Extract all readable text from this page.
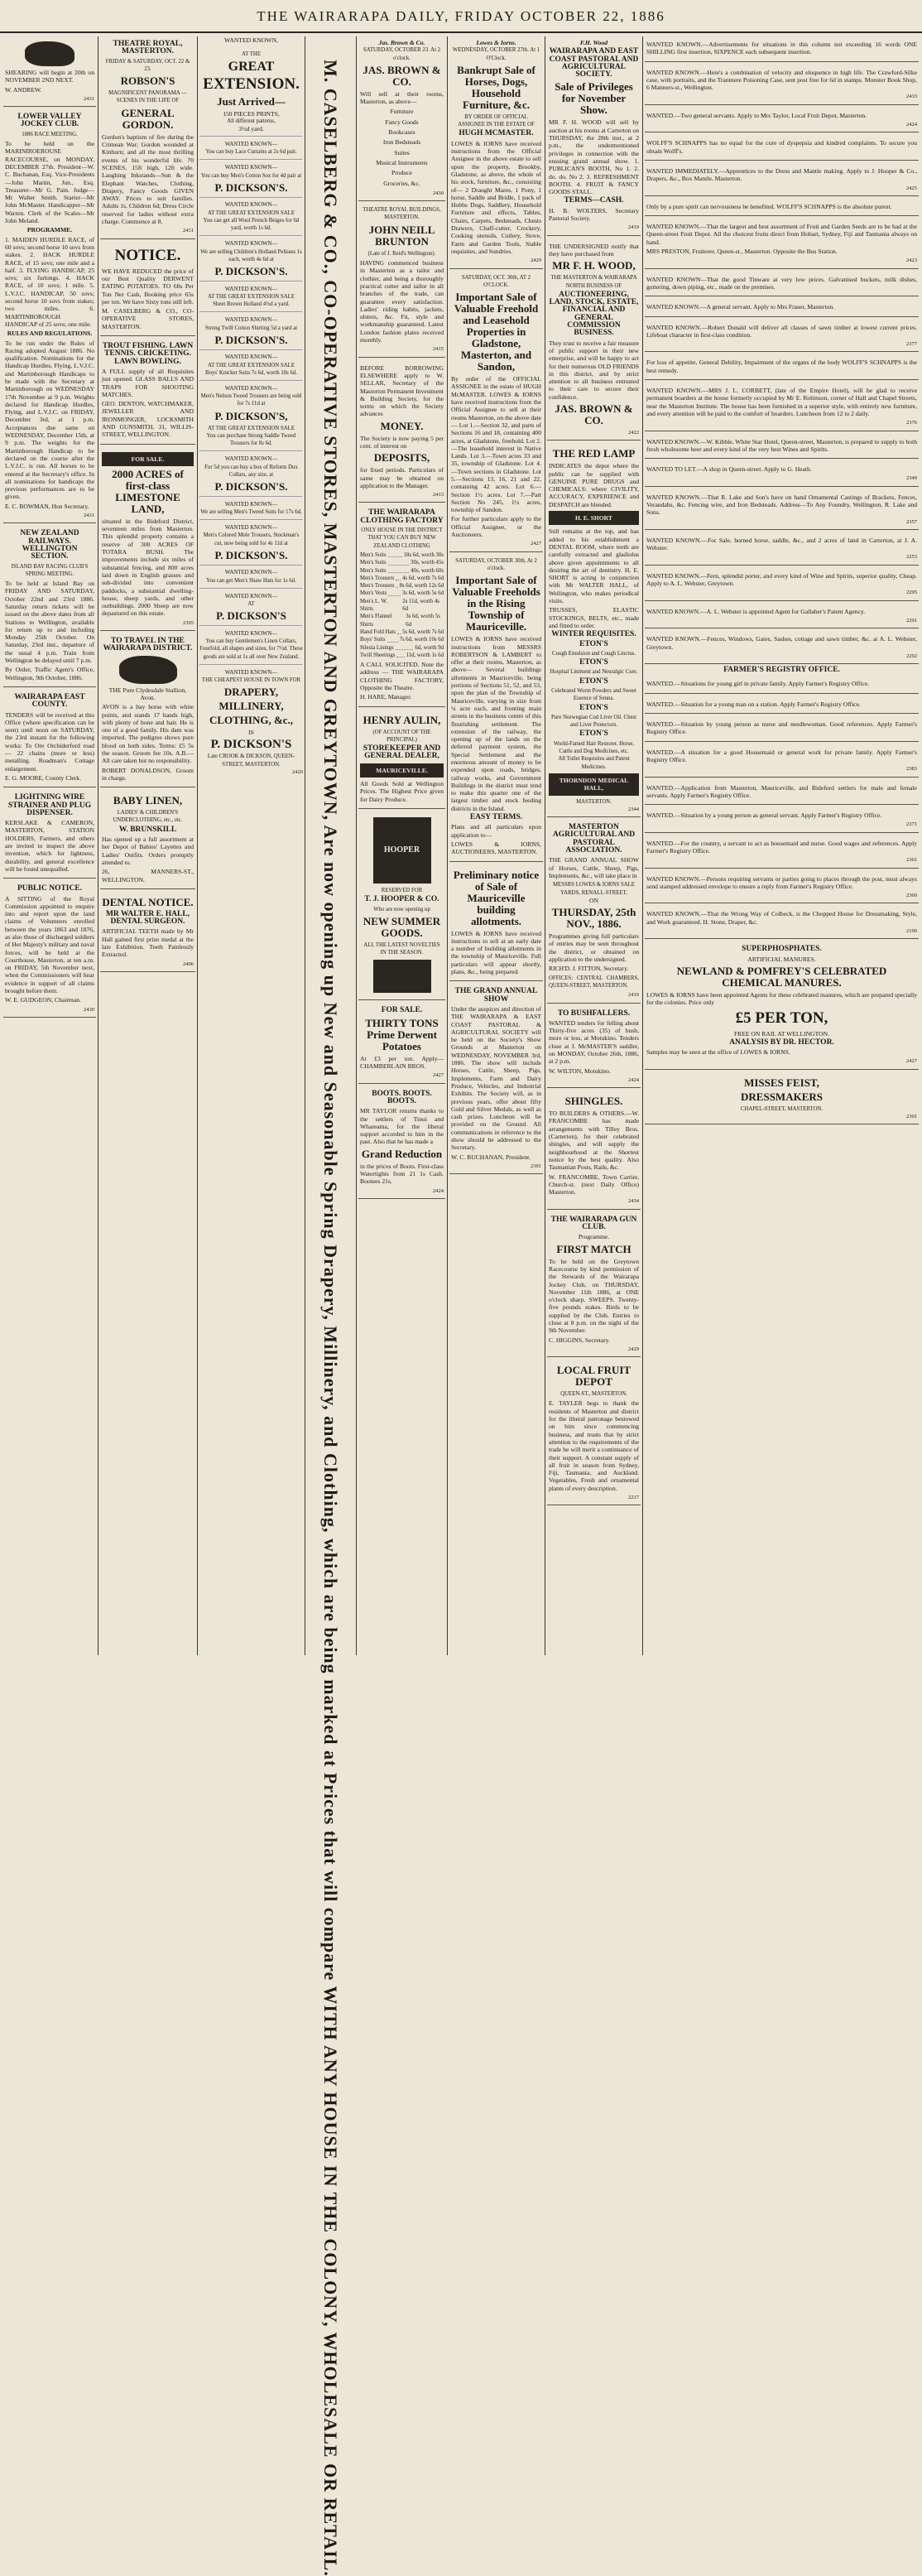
THE WAIRARAPA DAILY, FRIDAY OCTOBER 22, 1886

SHEARING will begin at 20th on NOVEMBER 2ND NEXT.

W. ANDREW.

2431
LOWER VALLEY JOCKEY CLUB.
1886 RACE MEETING.

To be held on the MARINIROEROUSE RACECOURSE, on MONDAY, DECEMBER 27th. President—W. C. Buchanan, Esq. Vice-Presidents—John Martin, Jun., Esq. Treasurer—Mr G. Pain. Judge—Mr Walter Smith. Starter—Mr John McMaster. Handicapper—Mr Warren. Clerk of the Scales—Mr John Meland.

PROGRAMME.

1. MAIDEN HURDLE RACE, of 60 sovs; second horse 10 sovs from stakes. 2. HACK HURDLE RACE, of 15 sovs; one mile and a half. 3. FLYING HANDICAP, 25 sovs; six furlongs. 4. HACK RACE, of 10 sovs; 1 mile. 5. L.V.J.C. HANDICAP, 50 sovs; second horse 10 sovs from stakes; two miles. 6. MARTINBOROUGH HANDICAP of 25 sovs; one mile.

RULES AND REGULATIONS.

To be run under the Rules of Racing adopted August 1886. No qualification. Nominations for the Handicap Hurdles, Flying, L.V.J.C. and Martinborough Handicaps to be made with the Secretary at Martinborough on WEDNESDAY 17th November at 9 p.m. Weights declared for Handicap Hurdles, Flying, and L.V.J.C. on FRIDAY, December 3rd, at 1 p.m. Acceptances due same on WEDNESDAY, December 15th, at 9 p.m. The weights for the Martinborough Handicap to be declared on the course after the L.V.J.C. is run. All horses to be entered at the Secretary's office. In all nominations for handicaps the previous performances are to be given.

E. C. BOWMAN, Hon Secretary.

2431
NEW ZEALAND RAILWAYS. WELLINGTON SECTION.
ISLAND BAY RACING CLUB'S SPRING MEETING.

To be held at Island Bay on FRIDAY AND SATURDAY, October 22nd and 23rd 1886. Saturday return tickets will be issued on the above dates from all Stations to Wellington, available for return up to and including Monday 25th October. On Saturday, 23rd inst., departure of the usual 4 p.m. Train from Wellington be delayed until 7 p.m.

By Order, Traffic Agent's Office, Wellington, 9th October, 1886.

WAIRARAPA EAST COUNTY.

TENDERS will be received at this Office (where specification can be seen) until noon on SATURDAY, the 23rd instant for the following works: To Ore Orchiderford road — 22 chains (more or less) metalling. Roadman's Cottage enlargement.

E. G. MOORE, County Clerk.

LIGHTNING WIRE STRAINER AND PLUG DISPENSER.

KERSLAKE & CAMERON, MASTERTON, STATION HOLDERS, Farmers, and others are invited to inspect the above invention, which for lightness, durability, and general excellence will be found unequalled.

PUBLIC NOTICE.

A SITTING of the Royal Commission appointed to enquire into and report upon the land claims of Volunteers enrolled between the years 1863 and 1876, as also those of discharged soldiers of Her Majesty's military and naval forces, will be held at the Courthouse, Masterton, at ten a.m. on FRIDAY, 5th November next, when the Commissioners will hear evidence in support of all claims brought before them.

W. E. GUDGEON, Chairman.

2430
THEATRE ROYAL, MASTERTON.
FRIDAY & SATURDAY, OCT. 22 & 23.
ROBSON'S
MAGNIFICENT PANORAMA — SCENES IN THE LIFE OF
GENERAL GORDON.

Gordon's baptism of fire during the Crimean War; Gordon wounded at Kinburn; and all the most thrilling events of his wonderful life. 70 SCENES, 15ft high, 12ft wide. Laughing Inkstands—Sun & the Elephant Watches, Clothing, Drapery, Fancy Goods GIVEN AWAY. Prices to suit families. Adults 1s, Children 6d; Dress Circle reserved for ladies without extra charge. Commence at 8.

2431
NOTICE.

WE HAVE REDUCED the price of our Best Quality DERWENT EATING POTATOES. TO 60s Per Ton Net Cash, Booking price 65s per ton. We have Sixty tons still left.

M. CASELBERG & CO., CO-OPERATIVE STORES, MASTERTON.

TROUT FISHING. LAWN TENNIS. CRICKETING. LAWN BOWLING.

A FULL supply of all Requisites just opened. GLASS BALLS AND TRAPS FOR SHOOTING MATCHES.

GEO. DENTON, WATCHMAKER, JEWELLER AND IRONMONGER, LOCKSMITH AND GUNSMITH, 31, WILLIS-STREET, WELLINGTON.

FOR SALE.
2000 ACRES of first-class LIMESTONE LAND,

situated in the Bideford District, seventeen miles from Masterton. This splendid property contains a reserve of 300 ACRES OF TOTARA BUSH. The improvements include six miles of substantial fencing, and 800 acres laid down in English grasses and sub-divided into convenient paddocks, a substantial dwelling-house, sheep yards, and other outbuildings. 2000 Sheep are now depastured on this estate.

2395
TO TRAVEL IN THE WAIRARAPA DISTRICT.
THE Pure Clydesdale Stallion, Avon.

AVON is a bay horse with white points, and stands 17 hands high, with plenty of bone and hair. He is one of a good family. His dam was imported. The pedigree shows pure blood on both sides. Terms: £5 5s the season. Groom fee 10s. A.B.—All care taken but no responsibility.

ROBERT DONALDSON, Groom in charge.

BABY LINEN,
LADIES' & CHILDREN'S UNDERCLOTHING, etc., etc.
W. BRUNSKILL

Has opened up a full assortment at her Depot of Babies' Layettes and Ladies' Outfits. Orders promptly attended to.

26, MANNERS-ST., WELLINGTON.

DENTAL NOTICE.
MR WALTER E. HALL, DENTAL SURGEON.

ARTIFICIAL TEETH made by Mr Hall gained first prize medal at the late Exhibition. Teeth Painlessly Extracted.

2406
WANTED KNOWN,
AT THE
GREAT
EXTENSION.
Just Arrived—
150 PIECES PRINTS,
All different patterns,
3½d yard.
WANTED KNOWN—
You can buy Lace Curtains at 2s 6d pair.
WANTED KNOWN—
You can buy Men's Cotton Sox for 4d pair at
P. DICKSON'S.
WANTED KNOWN—
AT THE GREAT EXTENSION SALE
You can get all Wool French Beiges for 6d yard, worth 1s 6d.
WANTED KNOWN—
We are selling Children's Holland Pelisses 1s each, worth 4s 6d at
P. DICKSON'S.
WANTED KNOWN—
AT THE GREAT EXTENSION SALE
Sheet Brown Holland 4½d a yard.
WANTED KNOWN—
Strong Twill Cotton Shirting 5d a yard at
P. DICKSON'S.
WANTED KNOWN—
AT THE GREAT EXTENSION SALE
Boys' Knicker Suits 7s 6d, worth 10s 6d.
WANTED KNOWN—
Men's Nelson Tweed Trousers are being sold for 7s 11d at
P. DICKSON'S,
AT THE GREAT EXTENSION SALE
You can purchase Strong Saddle Tweed Trousers for 8s 6d.
WANTED KNOWN—
For 5d you can buy a box of Reform Dux Collars, any size, at
P. DICKSON'S.
WANTED KNOWN—
We are selling Men's Tweed Suits for 17s 6d.
WANTED KNOWN—
Men's Colored Mole Trousers, Stockman's cut, now being sold for 4s 11d at
P. DICKSON'S.
WANTED KNOWN—
You can get Men's Shaw Hats for 1s 6d.
WANTED KNOWN—
AT
P. DICKSON'S
WANTED KNOWN—
You can buy Gentlemen's Linen Collars, Fourfold, all shapes and sizes, for 7½d. These goods are sold at 1s all over New Zealand.
WANTED KNOWN—
THE CHEAPEST HOUSE IN TOWN FOR
DRAPERY,
MILLINERY,
CLOTHING, &c.,
IS
P. DICKSON'S
Late CROOK & DICKSON, QUEEN-STREET, MASTERTON.
2420 M. CASELBERG & CO., CO-OPERATIVE STORES, MASTERTON AND GREYTOWN, Are now opening up New and Seasonable Spring Drapery, Millinery, and Clothing, which are being marked at Prices that will compare WITH ANY HOUSE IN THE COLONY, WHOLESALE OR RETAIL.
Jas. Brown & Co.
SATURDAY, OCTOBER 23. At 2 o'clock.
JAS. BROWN & CO.

Will sell at their rooms, Masterton, as above—

Furniture
Fancy Goods
Bookcases
Iron Bedsteads
Suites
Musical Instruments
Produce
Groceries, &c.
2430
THEATRE ROYAL BUILDINGS, MASTERTON.
JOHN NEILL BRUNTON
(Late of J. Reid's Wellington).

HAVING commenced business in Masterton as a tailor and clothier, and being a thoroughly practical cutter and tailor in all branches of the trade, can guarantee every satisfaction. Ladies' riding habits, jackets, ulsters, &c. Fit, style and workmanship guaranteed. Latest London fashion plates received monthly.

2415

BEFORE BORROWING ELSEWHERE apply to W. SELLAR, Secretary of the Masterton Permanent Investment & Building Society, for the terms on which the Society advances

MONEY.

The Society is now paying 5 per cent. of interest on

DEPOSITS,

for fixed periods. Particulars of same may be obtained on application to the Manager.

2413
THE WAIRARAPA CLOTHING FACTORY
ONLY HOUSE IN THE DISTRICT THAT YOU CAN BUY NEW ZEALAND CLOTHING
Men's Suits	18s 6d, worth 30s
Men's Suits	30s, worth 45s
Men's Suits	40s, worth 60s
Men's Trousers 4s 6d, worth 7s 6d
Men's Trousers 8s 6d, worth 12s 6d
Men's Vests	3s 6d, worth 5s 6d
Men's L. W. Shirts
2s 11d, worth 4s 6d
Men's Flannel Shirts
3s 6d, worth 5s 6d
Hand Fold Hats 5s 6d, worth 7s 6d
Boys' Suits	7s 6d, worth 10s 6d
Silesia Linings	6d, worth 9d
Twill Sheetings 11d, worth 1s 6d

A CALL SOLICITED. Note the address — THE WAIRARAPA CLOTHING FACTORY, Opposite the Theatre.

H. HARE, Manager.

HENRY AULIN,
(OF ACCOUNT OF THE PRINCIPAL)
STOREKEEPER AND GENERAL DEALER,
MAURICEVILLE.

All Goods Sold at Wellington Prices. The Highest Price given for Dairy Produce.

HOOPER
RESERVED FOR
T. J. HOOPER & CO.
Who are now opening up
NEW SUMMER GOODS.
ALL THE LATEST NOVELTIES IN THE SEASON.
FOR SALE.
THIRTY TONS Prime Derwent Potatoes

At £3 per ton. Apply— CHAMBERLAIN BROS.

2427
BOOTS. BOOTS. BOOTS.

MR TAYLOR returns thanks to the settlers of Tinui and Whareama, for the liberal support accorded to him in the past. Also that he has made a

Grand Reduction

in the prices of Boots. First-class Watertights from 21 1s Cash. Bootees 21s.

2424
Lowes & Iorns.
WEDNESDAY, OCTOBER 27th. At 1 O'Clock.
Bankrupt Sale of Horses, Dogs, Household Furniture, &c.
BY ORDER OF OFFICIAL ASSIGNEE IN THE ESTATE OF
HUGH MCMASTER.

LOWES & IORNS have received instructions from the Official Assignee in the above estate to sell upon the property, Brookby, Gladstone, as above, the whole of his stock, furniture, &c., consisting of— 2 Draught Mares, 1 Pony, 1 horse, Saddle and Bridle, 1 pack of Hobbs Dogs, Saddlery, Household Furniture and effects, Tables, Chairs, Carpets, Bedsteads, Chests Drawers, Chaff-cutter, Crockery, Cooking utensils, Cutlery, Stove, Farm and Garden Tools, Stable requisites, and Sundries.

2429
SATURDAY, OCT. 30th, AT 2 O'CLOCK.
Important Sale of Valuable Freehold and Leasehold Properties in Gladstone, Masterton, and Sandon,

By order of the OFFICIAL ASSIGNEE in the estate of HUGH McMASTER. LOWES & IORNS have received instructions from the Official Assignee to sell at their rooms Masterton, on the above date — Lot 1.—Section 32, and parts of Sections 16 and 18, containing 400 acres, at Gladstone, freehold. Lot 2.—The leasehold interest in Native Lands. Lot 3.—Town acres 33 and 35, township of Gladstone. Lot 4.—Town sections in Gladstone. Lot 5.—Sections 13, 16, 21 and 22, containing 42 acres. Lot 6.—Section 1½ acres. Lot 7.—Part Section No 245, 1½ acres, township of Sandon.

For further particulars apply to the Official Assignee, or the Auctioneers.

2427
SATURDAY, OCTOBER 30th, At 2 o'clock.
Important Sale of Valuable Freeholds in the Rising Township of Mauriceville.

LOWES & IORNS have received instructions from MESSRS ROBERTSON & LAMBERT to offer at their rooms, Masterton, as above— Several buildings allotments in Mauriceville, being portions of Sections 51, 52, and 53, upon the plan of the Township of Mauriceville, varying in size from ¼ acre each, and fronting main streets in the business centre of this flourishing settlement. The extension of the railway, the opening up of the lands on the deferred payment system, the Special Settlement and the enormous amount of money to be expended upon roads, bridges, railway works, and Government Buildings in the district must tend to make this quarter one of the largest timber and stock feeding districts in the Island.

EASY TERMS.

Plans and all particulars upon application to—

LOWES & IORNS, AUCTIONEERS, MASTERTON.

Preliminary notice of Sale of Mauriceville building allotments.

LOWES & IORNS have received instructions to sell at an early date a number of building allotments in the township of Mauriceville. Full particulars will appear shortly, plans, &c., being prepared.

THE GRAND ANNUAL SHOW

Under the auspices and direction of THE WAIRARAPA & EAST COAST PASTORAL & AGRICULTURAL SOCIETY will be held on the Society's Show Grounds at Masterton on WEDNESDAY, NOVEMBER 3rd, 1886. The show will include Horses, Cattle, Sheep, Pigs, Implements, Farm and Dairy Produce, Vehicles, and Industrial Exhibits. The Society will, as in previous years, offer about fifty Gold and Silver Medals, as well as cash prizes. Luncheon will be provided on the Ground. All communications in reference to the show should be addressed to the Secretary.

W. C. BUCHANAN, President.

2391
F.H. Wood
WAIRARAPA AND EAST COAST PASTORAL AND AGRICULTURAL SOCIETY.
Sale of Privileges for November Show.

MR F. H. WOOD will sell by auction at his rooms at Carterton on THURSDAY, the 28th inst., at 2 p.m., the undermentioned privileges in connection with the ensuing grand annual show. 1. PUBLICAN'S BOOTH, No 1. 2. do. do. No 2. 3. REFRESHMENT BOOTH. 4. FRUIT & FANCY GOODS STALL.

TERMS—CASH.

H. B. WOLTERS, Secretary Pastoral Society.

2419

THE UNDERSIGNED notify that they have purchased from

MR F. H. WOOD,
THE MASTERTON & WAIRARAPA NORTH BUSINESS OF
AUCTIONEERING, LAND, STOCK, ESTATE, FINANCIAL AND GENERAL COMMISSION BUSINESS.

They trust to receive a fair measure of public support in their new enterprise, and will be happy to act for their numerous OLD FRIENDS in this district, and by strict attention to all business entrusted to their care to secure their confidence.

JAS. BROWN & CO.
2422
THE RED LAMP

INDICATES the depot where the public can be supplied with GENUINE PURE DRUGS and CHEMICALS: where CIVILITY, ACCURACY, EXPERIENCE and DESPATCH are blended.

H. E. SHORT

Still remains at the top, and has added to his establishment a DENTAL ROOM, where teeth are carefully extracted and gladiolus above given appointments to all desiring the art of dentistry. H. E. SHORT is acting in conjunction with Mr WALTER HALL, of Wellington, who makes periodical visits.

TRUSSES, ELASTIC STOCKINGS, BELTS, etc., made and fitted to order.

WINTER REQUISITES.
ETON'S
Cough Emulsion and Cough Linctus.
ETON'S
Hospital Liniment and Neuralgic Cure.
ETON'S
Celebrated Worm Powders and Sweet Essence of Senna.
ETON'S
Pure Norwegian Cod Liver Oil. Chest and Liver Protectors.
ETON'S
World-Famed Hair Restorer. Horse, Cattle and Dog Medicines, etc.
All Toilet Requisites and Patent Medicines.
THORNDON MEDICAL HALL,
MASTERTON.
2344
MASTERTON AGRICULTURAL AND PASTORAL ASSOCIATION.

THE GRAND ANNUAL SHOW of Horses, Cattle, Sheep, Pigs, Implements, &c., will take place in

MESSRS LOWES & IORNS SALE YARDS, RENALL-STREET,
ON
THURSDAY, 25th NOV., 1886.

Programmes giving full particulars of entries may be seen throughout the district, or obtained on application to the undersigned.

RICH'D. J. FITTON, Secretary.

OFFICES: CENTRAL CHAMBERS, QUEEN-STREET, MASTERTON.

2410
TO BUSHFALLERS.

WANTED tenders for felling about Thirty-five acres (35) of bush, more or less, at Motukino. Tenders close at J. McMASTER'S saddler, on MONDAY, October 26th, 1886, at 2 p.m.

W. WILTON, Motukino.

2424
SHINGLES.

TO BUILDERS & OTHERS.—W. FRANCOMBE has made arrangements with Tilley Bros. (Carterton), for their celebrated shingles, and will supply the neighbourhood at the Shortest notice by the best quality. Also Tasmanian Posts, Rails, &c.

W. FRANCOMBE, Town Carrier, Church-st. (next Daily Office) Masterton.

2434
THE WAIRARAPA GUN CLUB.
Programme.
FIRST MATCH

To be held on the Greytown Racecourse by kind permission of the Stewards of the Wairarapa Jockey Club, on THURSDAY, November 11th 1886, at ONE o'clock sharp. SWEEPS. Twenty-five pounds stakes. Birds to be supplied by the Club. Entries to close at 8 p.m. on the night of the 9th November.

C. HIGGINS, Secretary.

2429
LOCAL FRUIT DEPOT
QUEEN-ST., MASTERTON.

E. TAYLER begs to thank the residents of Masterton and district for the liberal patronage bestowed on him since commencing business, and trusts that by strict attention to the requirements of the trade he will merit a continuance of their support. A constant supply of all fruit in season from Sydney, Fiji, Tasmania, and Auckland. Vegetables, Fresh and ornamental plants of every description.

2217

WANTED KNOWN.—Advertisements for situations in this column not exceeding 16 words ONE SHILLING first insertion, SIXPENCE each subsequent insertion.

WANTED KNOWN.—Here's a combination of velocity and eloquence in high life. The Crawford-Silke case, with portraits, and the Tranmere Poisoning Case, sent post free for 6d in stamps. Monster Book Shop, 6 Manners-st., Wellington.

2433

WANTED.—Two general servants. Apply to Mrs Taylor, Local Fruit Depot, Masterton.

2424

WOLFF'S SCHNAPPS has no equal for the cure of dyspepsia and kindred complaints. To secure you obtain Wolff's.

WANTED IMMEDIATELY.—Apprentices to the Dress and Mantle making. Apply to J. Hooper & Co., Drapers, &c., Box Mantle, Masterton.

2425

Only by a pure spirit can nervousness be benefited. WOLFF'S SCHNAPPS is the absolute purest.

WANTED KNOWN.—That the largest and best assortment of Fruit and Garden Seeds are to be had at the Queen-street Fruit Depot. All the choicest fruits direct from Hobart, Sydney, Fiji and Tasmania always on hand.

MRS PRESTON, Fruiterer, Queen-st., Masterton. Opposite the Bus Station.

2423

WANTED KNOWN—That the good Tinware at very low prices. Galvanised buckets, milk dishes, guttering, down piping, etc., made on the premises.

WANTED KNOWN.—A general servant. Apply to Mrs Fraser, Masterton.

WANTED KNOWN.—Robert Donald will deliver all classes of sawn timber at lowest current prices. Lifeboat character in first-class condition.

2377

For loss of appetite, General Debility, Impairment of the organs of the body WOLFF'S SCHNAPPS is the best remedy.

WANTED KNOWN.—MRS J. L. CORBETT, (late of the Empire Hotel), will be glad to receive permanent boarders at the house formerly occupied by Mr E. Robinson, corner of Hall and Chapel Streets, near the Masterton Institute. The house has been furnished in a superior style, with entirely new furniture, and every attention will be paid to the comfort of boarders. Luncheon from 12 to 2 daily.

2376

WANTED KNOWN.—W. Kibble, White Star Hotel, Queen-street, Masterton, is prepared to supply to both fresh wholesome beer and every kind of the very best Wines and Spirits.

WANTED TO LET.—A shop in Queen-street. Apply to G. Heath.

2349

WANTED KNOWN.—That R. Lake and Son's have on hand Ornamental Castings of Brackets, Fences, Verandahs, &c. Fencing wire, and Iron Bedsteads. Address—To Any Foundry, Wellington, R. Lake and Sons.

2357

WANTED KNOWN.—For Sale, horned horse, saddle, &c., and 2 acres of land in Carterton, at J. A. Webster.

2253

WANTED KNOWN.—Fern, splendid porter, and every kind of Wine and Spirits, superior quality, Cheap. Apply to A. L. Webster, Greytown.

2295

WANTED KNOWN.—A. L. Webster is appointed Agent for Gallaher's Patent Agency.

2291

WANTED KNOWN.—Fences, Windows, Gates, Sashes, cottage and sawn timber, &c. at A. L. Webster, Greytown.

2292
FARMER'S REGISTRY OFFICE.

WANTED.—Situations for young girl in private family. Apply Farmer's Registry Office.

WANTED.—Situation for a young man on a station. Apply Farmer's Registry Office.

WANTED.—Situation by young person as nurse and needlewoman. Good references. Apply Farmer's Registry Office.

WANTED.—A situation for a good Housemaid or general work for private family. Apply Farmer's Registry Office.

2383

WANTED.—Application from Masterton, Mauriceville, and Bideford settlers for male and female servants. Apply Farmer's Registry Office.

WANTED.—Situation by a young person as general servant. Apply Farmer's Registry Office.

2371

WANTED.—For the country, a servant to act as housemaid and nurse. Good wages and references. Apply Farmer's Registry Office.

2361

WANTED KNOWN.—Persons requiring servants or parties going to places through the post, must always send stamped addressed envelope to ensure a reply from Farmer's Registry Office.

2360

WANTED KNOWN.—That the Wrong Way of Colbeck, is the Chopped House for Dressmaking, Style, and Work guaranteed. H. Stone, Draper, &c.

2190
SUPERPHOSPHATES.
ARTIFICIAL MANURES.
NEWLAND & POMFREY'S CELEBRATED CHEMICAL MANURES.

LOWES & IORNS have been appointed Agents for these celebrated manures, which are prepared specially for the colonies. Price only

£5 PER TON,
FREE ON RAIL AT WELLINGTON.
ANALYSIS BY DR. HECTOR.

Samples may be seen at the office of LOWES & IORNS.

2427
MISSES FEIST,
DRESSMAKERS
CHAPEL-STREET, MASTERTON.
2301
